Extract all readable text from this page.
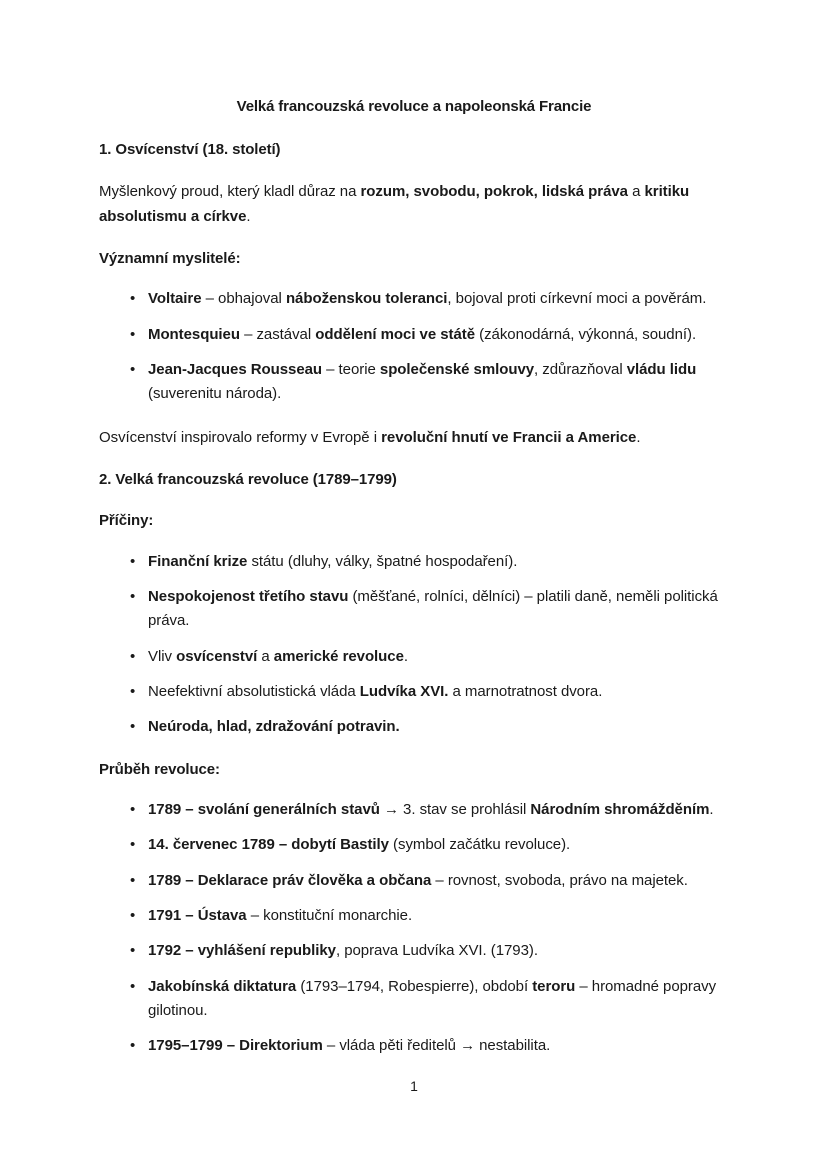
Velká francouzská revoluce a napoleonská Francie
1. Osvícenství (18. století)
Myšlenkový proud, který kladl důraz na rozum, svobodu, pokrok, lidská práva a kritiku absolutismu a církve.
Významní myslitelé:
• Voltaire – obhajoval náboženskou toleranci, bojoval proti církevní moci a pověrám.
• Montesquieu – zastával oddělení moci ve státě (zákonodárná, výkonná, soudní).
• Jean-Jacques Rousseau – teorie společenské smlouvy, zdůrazňoval vládu lidu (suverenitu národa).
Osvícenství inspirovalo reformy v Evropě i revoluční hnutí ve Francii a Americe.
2. Velká francouzská revoluce (1789–1799)
Příčiny:
• Finanční krize státu (dluhy, války, špatné hospodaření).
• Nespokojenost třetího stavu (měšťané, rolníci, dělníci) – platili daně, neměli politická práva.
• Vliv osvícenství a americké revoluce.
• Neefektivní absolutistická vláda Ludvíka XVI. a marnotratnost dvora.
• Neúroda, hlad, zdražování potravin.
Průběh revoluce:
• 1789 – svolání generálních stavů → 3. stav se prohlásil Národním shromážděním.
• 14. červenec 1789 – dobytí Bastily (symbol začátku revoluce).
• 1789 – Deklarace práv člověka a občana – rovnost, svoboda, právo na majetek.
• 1791 – Ústava – konstituční monarchie.
• 1792 – vyhlášení republiky, poprava Ludvíka XVI. (1793).
• Jakobínská diktatura (1793–1794, Robespierre), období teroru – hromadné popravy gilotinou.
• 1795–1799 – Direktorium – vláda pěti ředitelů → nestabilita.
1
